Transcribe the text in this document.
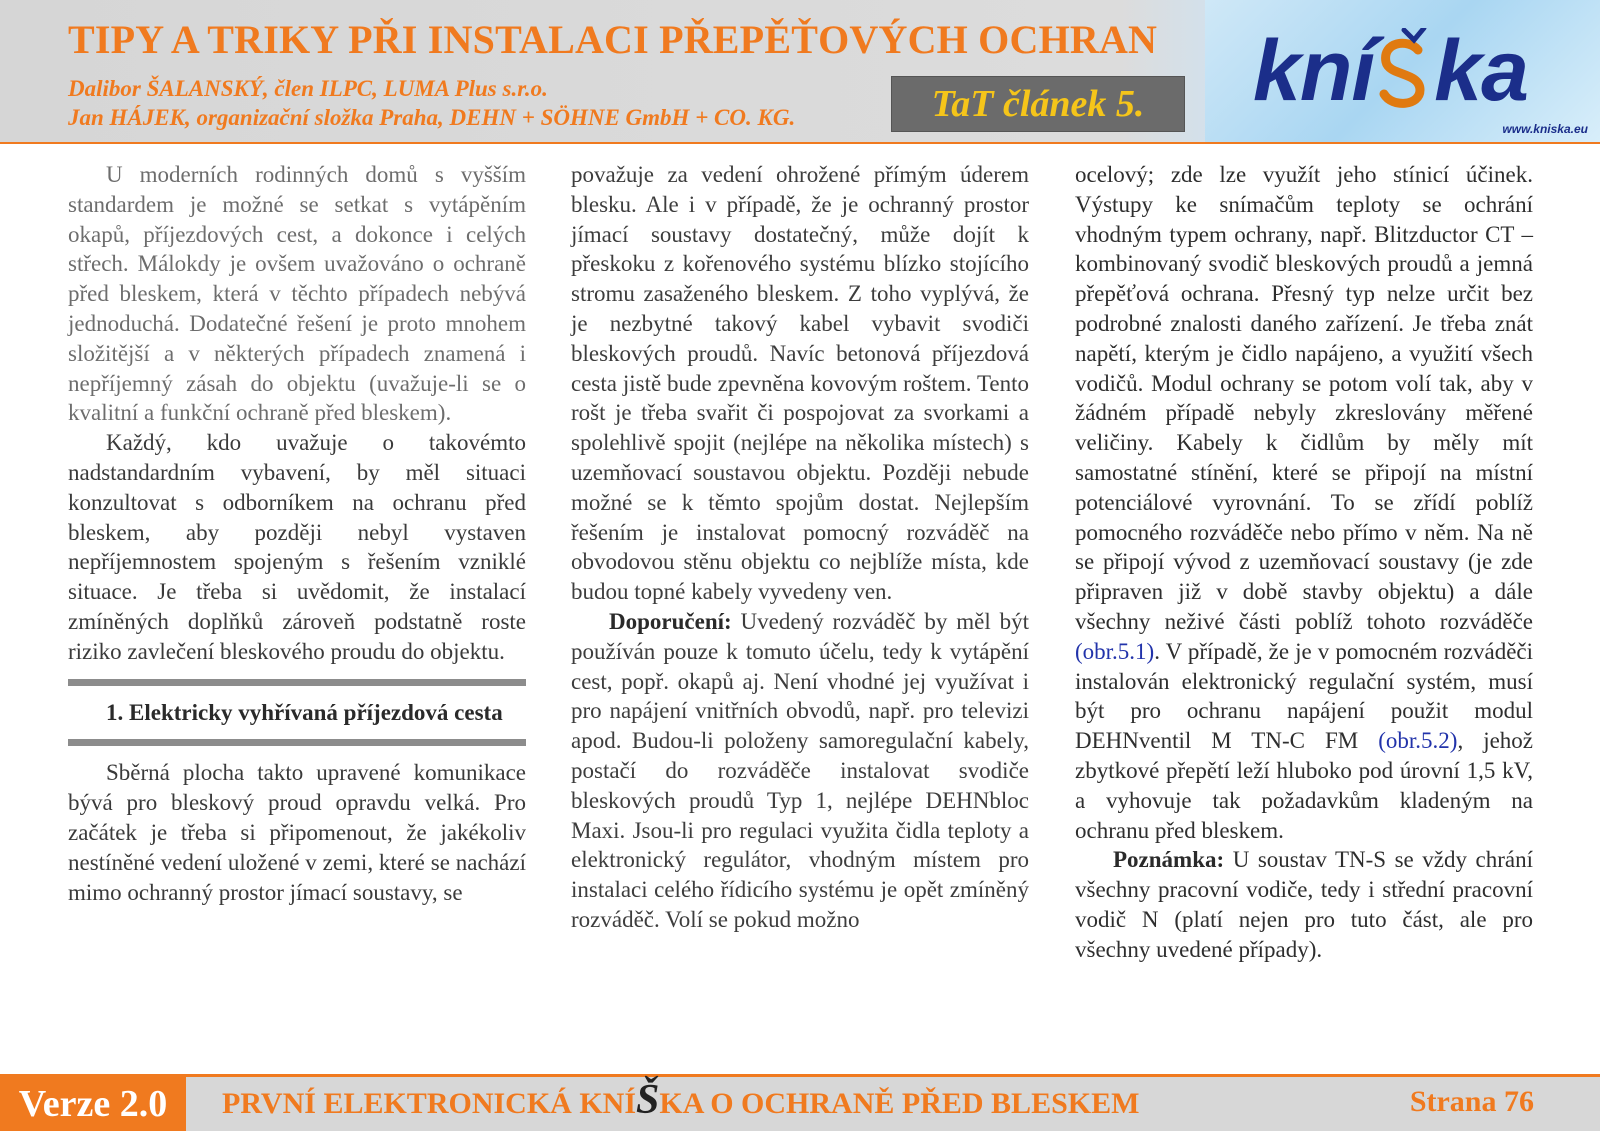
TIPY A TRIKY PŘI INSTALACI PŘEPĚŤOVÝCH OCHRAN
Dalibor ŠALANSKÝ, člen ILPC, LUMA Plus s.r.o.
Jan HÁJEK, organizační složka Praha, DEHN + SÖHNE GmbH + CO. KG.	TaT článek 5. kní ka
www.kniska.eu

U moderních rodinných domů s vyšším standardem je možné se setkat s vytápěním okapů, příjezdových cest, a dokonce i celých střech. Málokdy je ovšem uvažováno o ochraně před bleskem, která v těchto případech nebývá jednoduchá. Dodatečné řešení je proto mnohem složitější a v některých případech znamená i nepříjemný zásah do objektu (uvažuje-li se o kvalitní a funkční ochraně před bleskem).

Každý, kdo uvažuje o takovémto nadstandardním vybavení, by měl situaci konzultovat s odborníkem na ochranu před bleskem, aby později nebyl vystaven nepříjemnostem spojeným s řešením vzniklé situace. Je třeba si uvědomit, že instalací zmíněných doplňků zároveň podstatně roste riziko zavlečení bleskového proudu do objektu.

1. Elektricky vyhřívaná příjezdová cesta

Sběrná plocha takto upravené komunikace bývá pro bleskový proud opravdu velká. Pro začátek je třeba si připomenout, že jakékoliv nestíněné vedení uložené v zemi, které se nachází mimo ochranný prostor jímací soustavy, se

považuje za vedení ohrožené přímým úderem blesku. Ale i v případě, že je ochranný prostor jímací soustavy dostatečný, může dojít k přeskoku z kořenového systému blízko stojícího stromu zasaženého bleskem. Z toho vyplývá, že je nezbytné takový kabel vybavit svodiči bleskových proudů. Navíc betonová příjezdová cesta jistě bude zpevněna kovovým roštem. Tento rošt je třeba svařit či pospojovat za svorkami a spolehlivě spojit (nejlépe na několika místech) s uzemňovací soustavou objektu. Později nebude možné se k těmto spojům dostat. Nejlepším řešením je instalovat pomocný rozváděč na obvodovou stěnu objektu co nejblíže místa, kde budou topné kabely vyvedeny ven.

Doporučení: Uvedený rozváděč by měl být používán pouze k tomuto účelu, tedy k vytápění cest, popř. okapů aj. Není vhodné jej využívat i pro napájení vnitřních obvodů, např. pro televizi apod. Budou-li položeny samoregulační kabely, postačí do rozváděče instalovat svodiče bleskových proudů Typ 1, nejlépe DEHNbloc Maxi. Jsou-li pro regulaci využita čidla teploty a elektronický regulátor, vhodným místem pro instalaci celého řídicího systému je opět zmíněný rozváděč. Volí se pokud možno

ocelový; zde lze využít jeho stínicí účinek. Výstupy ke snímačům teploty se ochrání vhodným typem ochrany, např. Blitzductor CT – kombinovaný svodič bleskových proudů a jemná přepěťová ochrana. Přesný typ nelze určit bez podrobné znalosti daného zařízení. Je třeba znát napětí, kterým je čidlo napájeno, a využití všech vodičů. Modul ochrany se potom volí tak, aby v žádném případě nebyly zkreslovány měřené veličiny. Kabely k čidlům by měly mít samostatné stínění, které se připojí na místní potenciálové vyrovnání. To se zřídí poblíž pomocného rozváděče nebo přímo v něm. Na ně se připojí vývod z uzemňovací soustavy (je zde připraven již v době stavby objektu) a dále všechny neživé části poblíž tohoto rozváděče (obr.5.1). V případě, že je v pomocném rozváděči instalován elektronický regulační systém, musí být pro ochranu napájení použit modul DEHNventil M TN-C FM (obr.5.2), jehož zbytkové přepětí leží hluboko pod úrovní 1,5 kV, a vyhovuje tak požadavkům kladeným na ochranu před bleskem.

Poznámka: U soustav TN-S se vždy chrání všechny pracovní vodiče, tedy i střední pracovní vodič N (platí nejen pro tuto část, ale pro všechny uvedené případy).

Verze 2.0 PRVNÍ ELEKTRONICKÁ KNÍŠKA O OCHRANĚ PŘED BLESKEM	Strana 76
